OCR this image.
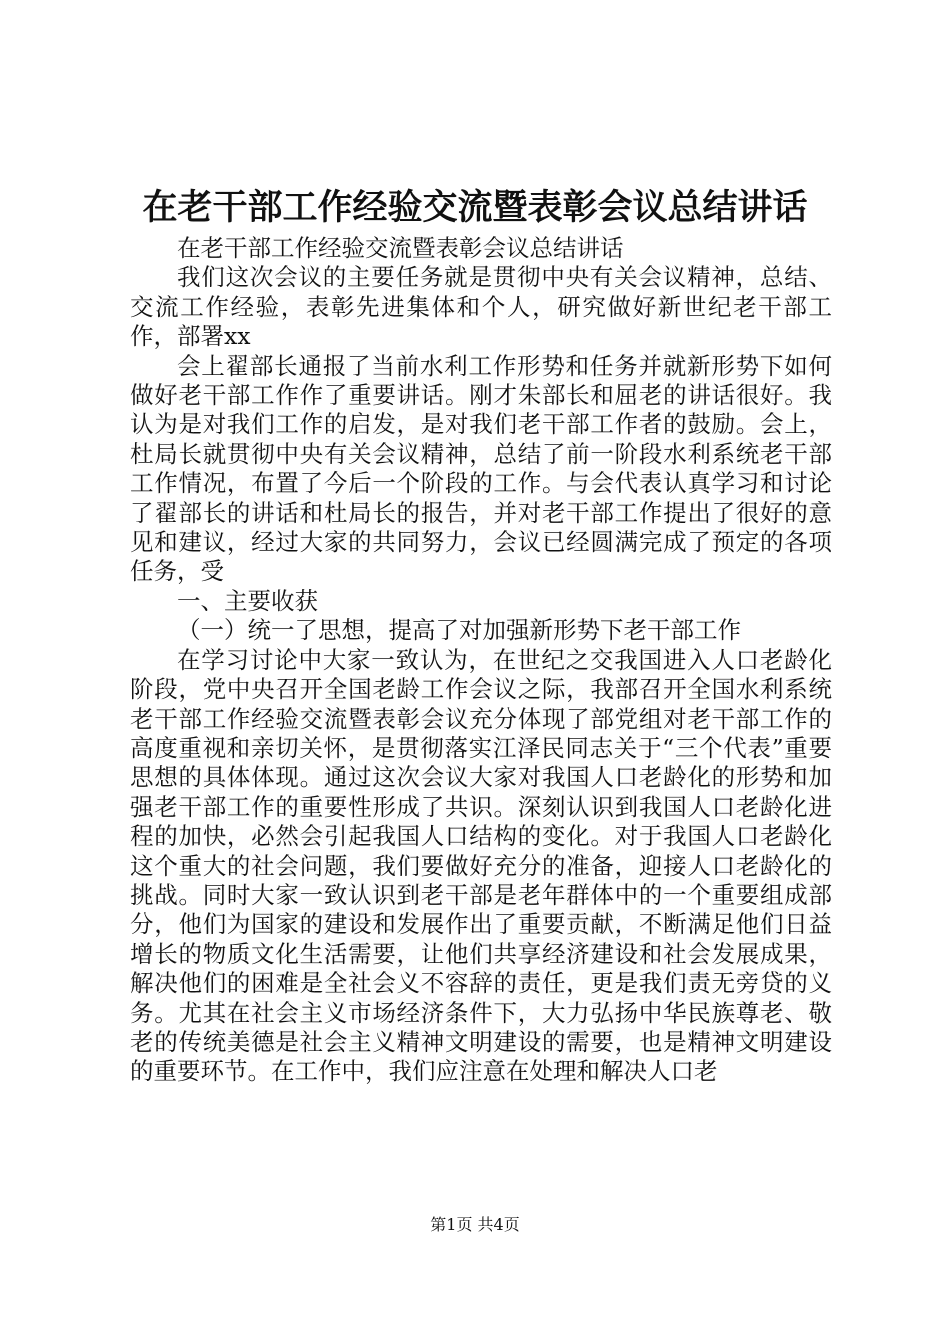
在老干部工作经验交流暨表彰会议总结讲话

在老干部工作经验交流暨表彰会议总结讲话

我们这次会议的主要任务就是贯彻中央有关会议精神，总结、交流工作经验，表彰先进集体和个人，研究做好新世纪老干部工作，部署xx

会上翟部长通报了当前水利工作形势和任务并就新形势下如何做好老干部工作作了重要讲话。刚才朱部长和屈老的讲话很好。我认为是对我们工作的启发，是对我们老干部工作者的鼓励。会上，杜局长就贯彻中央有关会议精神，总结了前一阶段水利系统老干部工作情况，布置了今后一个阶段的工作。与会代表认真学习和讨论了翟部长的讲话和杜局长的报告，并对老干部工作提出了很好的意见和建议，经过大家的共同努力，会议已经圆满完成了预定的各项任务，受

一、主要收获

（一）统一了思想，提高了对加强新形势下老干部工作

在学习讨论中大家一致认为，在世纪之交我国进入人口老龄化阶段，党中央召开全国老龄工作会议之际，我部召开全国水利系统老干部工作经验交流暨表彰会议充分体现了部党组对老干部工作的高度重视和亲切关怀，是贯彻落实江泽民同志关于“三个代表”重要思想的具体体现。通过这次会议大家对我国人口老龄化的形势和加强老干部工作的重要性形成了共识。深刻认识到我国人口老龄化进程的加快，必然会引起我国人口结构的变化。对于我国人口老龄化这个重大的社会问题，我们要做好充分的准备，迎接人口老龄化的挑战。同时大家一致认识到老干部是老年群体中的一个重要组成部分，他们为国家的建设和发展作出了重要贡献，不断满足他们日益增长的物质文化生活需要，让他们共享经济建设和社会发展成果，解决他们的困难是全社会义不容辞的责任，更是我们责无旁贷的义务。尤其在社会主义市场经济条件下，大力弘扬中华民族尊老、敬老的传统美德是社会主义精神文明建设的需要，也是精神文明建设的重要环节。在工作中，我们应注意在处理和解决人口老

第1页 共4页
